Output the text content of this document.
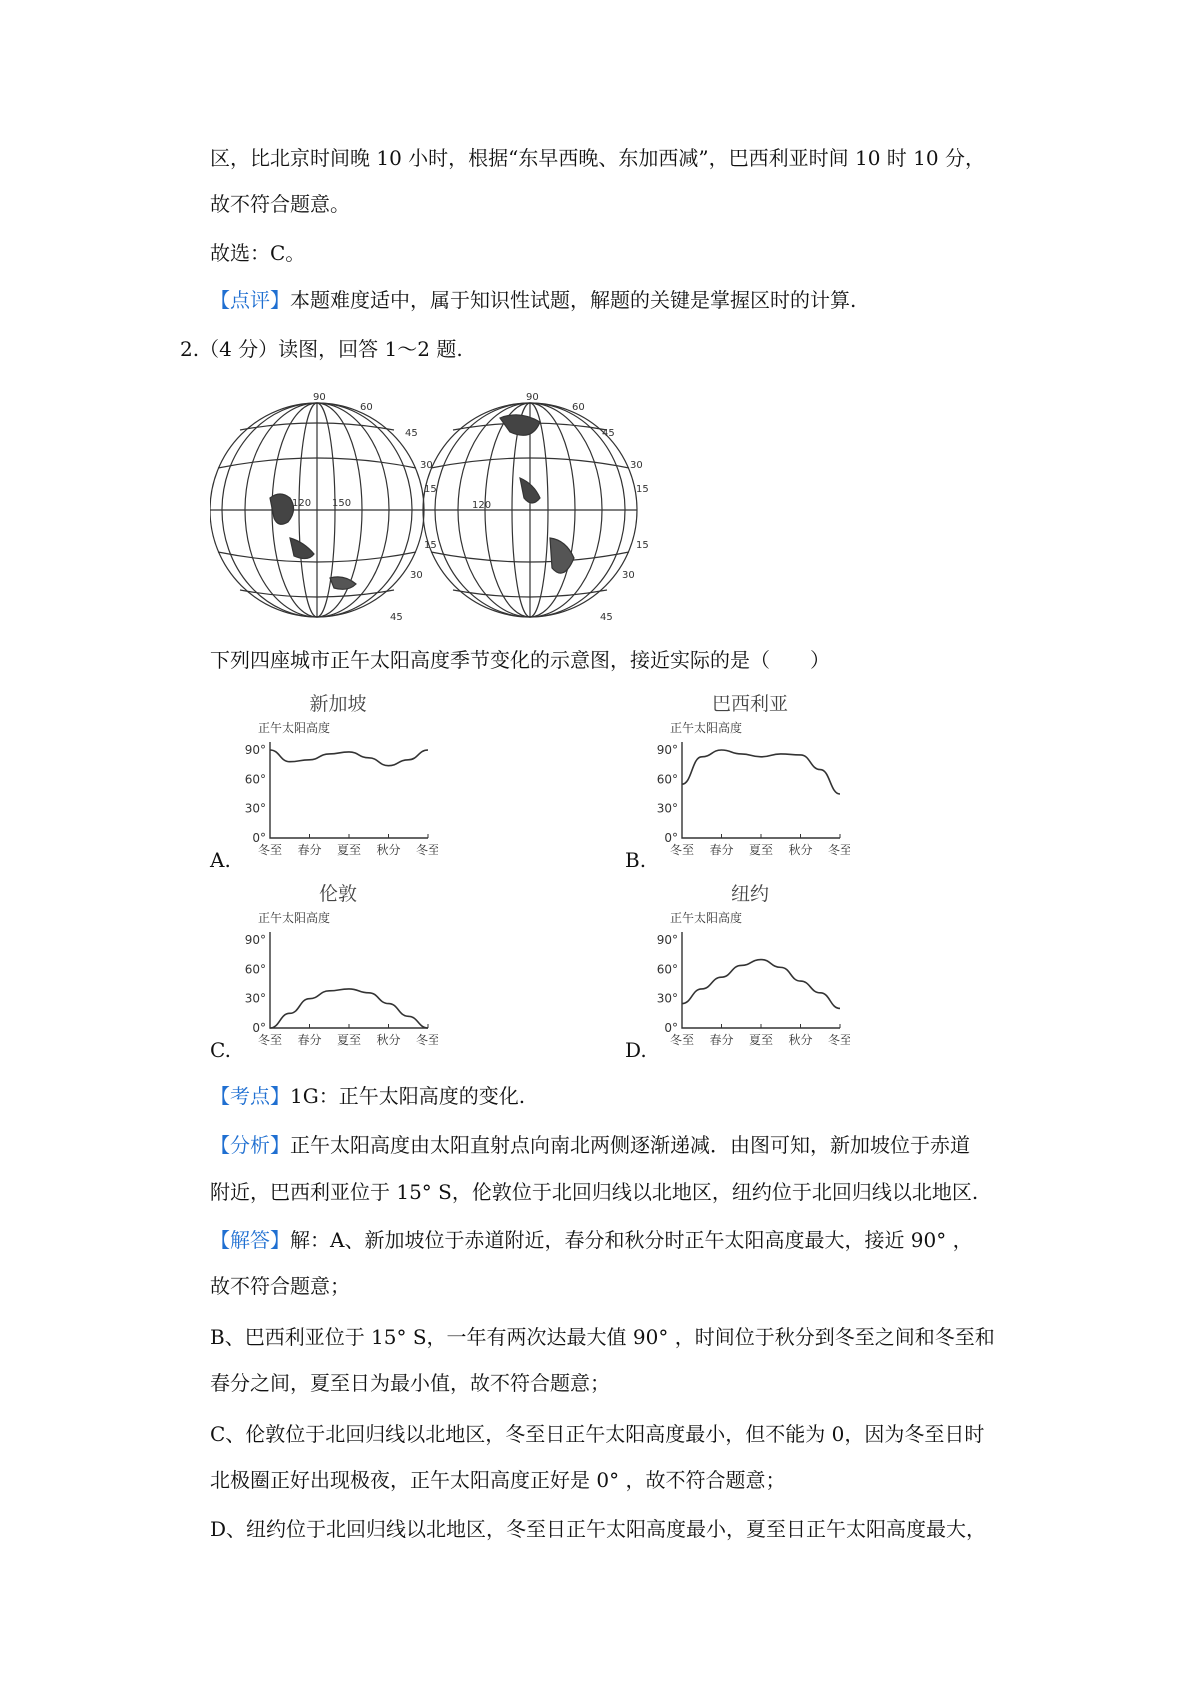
区，比北京时间晚 10 小时，根据“东早西晚、东加西减”，巴西利亚时间 10 时 10 分，
故不符合题意。
故选：C。
【点评】本题难度适中，属于知识性试题，解题的关键是掌握区时的计算.
2.（4 分）读图，回答 1～2 题.
90
60
45
30
15
150
120
15
30
45
90
60
45
30
15
120
15
30
45
下列四座城市正午太阳高度季节变化的示意图，接近实际的是（　　）
新加坡
正午太阳高度
90°
60°
30°
0°
冬至 春分 夏至 秋分 冬至
巴西利亚
正午太阳高度
90°
60°
30°
0°
冬至 春分 夏至 秋分 冬至
伦敦
正午太阳高度
90°
60°
30°
0°
冬至 春分 夏至 秋分 冬至
纽约
正午太阳高度
90°
60°
30°
0°
冬至 春分 夏至 秋分 冬至
A.	B.
C.	D.
【考点】1G：正午太阳高度的变化.
【分析】正午太阳高度由太阳直射点向南北两侧逐渐递减．由图可知，新加坡位于赤道
附近，巴西利亚位于 15° S，伦敦位于北回归线以北地区，纽约位于北回归线以北地区.
【解答】解：A、新加坡位于赤道附近，春分和秋分时正午太阳高度最大，接近 90° ，
故不符合题意；
B、巴西利亚位于 15° S，一年有两次达最大值 90° ，时间位于秋分到冬至之间和冬至和
春分之间，夏至日为最小值，故不符合题意；
C、伦敦位于北回归线以北地区，冬至日正午太阳高度最小，但不能为 0，因为冬至日时
北极圈正好出现极夜，正午太阳高度正好是 0° ，故不符合题意；
D、纽约位于北回归线以北地区，冬至日正午太阳高度最小，夏至日正午太阳高度最大，
